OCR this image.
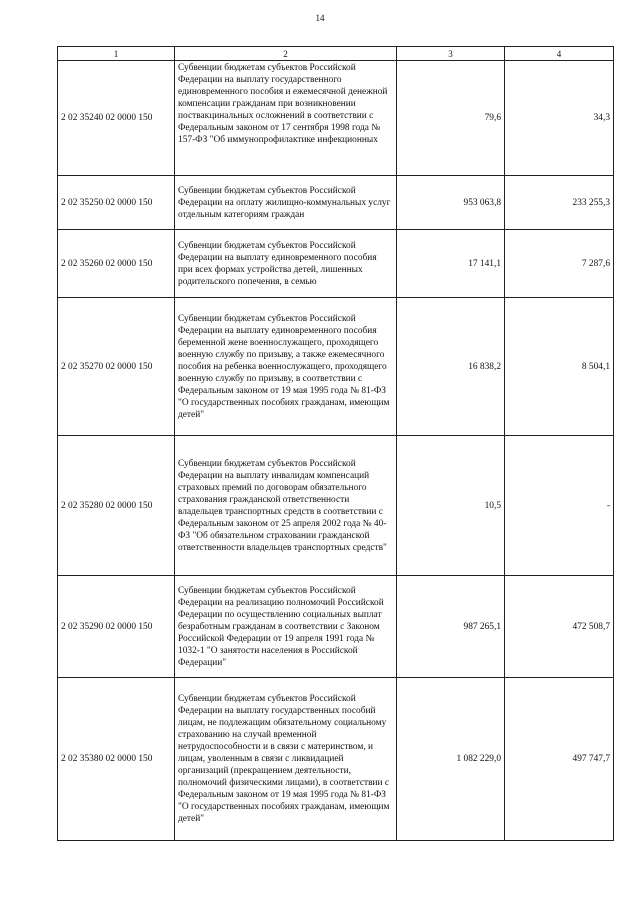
14
1	2	3	4
2 02 35240 02 0000 150	Субвенции бюджетам субъектов Российской Федерации на выплату государственного единовременного пособия и ежемесячной денежной компенсации гражданам при возникновении поствакцинальных осложнений в соответствии с Федеральным законом от 17 сентября 1998 года № 157-ФЗ "Об иммунопрофилактике инфекционных	79,6	34,3
2 02 35250 02 0000 150	Субвенции бюджетам субъектов Российской Федерации на оплату жилищно-коммунальных услуг отдельным категориям граждан	953 063,8	233 255,3
2 02 35260 02 0000 150	Субвенции бюджетам субъектов Российской Федерации на выплату единовременного пособия при всех формах устройства детей, лишенных родительского попечения, в семью	17 141,1	7 287,6
2 02 35270 02 0000 150	Субвенции бюджетам субъектов Российской Федерации на выплату единовременного пособия беременной жене военнослужащего, проходящего военную службу по призыву, а также ежемесячного пособия на ребенка военнослужащего, проходящего военную службу по призыву, в соответствии с Федеральным законом от 19 мая 1995 года № 81-ФЗ "О государственных пособиях гражданам, имеющим детей"	16 838,2	8 504,1
2 02 35280 02 0000 150	Субвенции бюджетам субъектов Российской Федерации на выплату инвалидам компенсаций страховых премий по договорам обязательного страхования гражданской ответственности владельцев транспортных средств в соответствии с Федеральным законом от 25 апреля 2002 года № 40-ФЗ "Об обязательном страховании гражданской ответственности владельцев транспортных средств"	10,5	-
2 02 35290 02 0000 150	Субвенции бюджетам субъектов Российской Федерации на реализацию полномочий Российской Федерации по осуществлению социальных выплат безработным гражданам в соответствии с Законом Российской Федерации от 19 апреля 1991 года № 1032-1 "О занятости населения в Российской Федерации"	987 265,1	472 508,7
2 02 35380 02 0000 150	Субвенции бюджетам субъектов Российской Федерации на выплату государственных пособий лицам, не подлежащим обязательному социальному страхованию на случай временной нетрудоспособности и в связи с материнством, и лицам, уволенным в связи с ликвидацией организаций (прекращением деятельности, полномочий физическими лицами), в соответствии с Федеральным законом от 19 мая 1995 года № 81-ФЗ "О государственных пособиях гражданам, имеющим детей"	1 082 229,0	497 747,7
